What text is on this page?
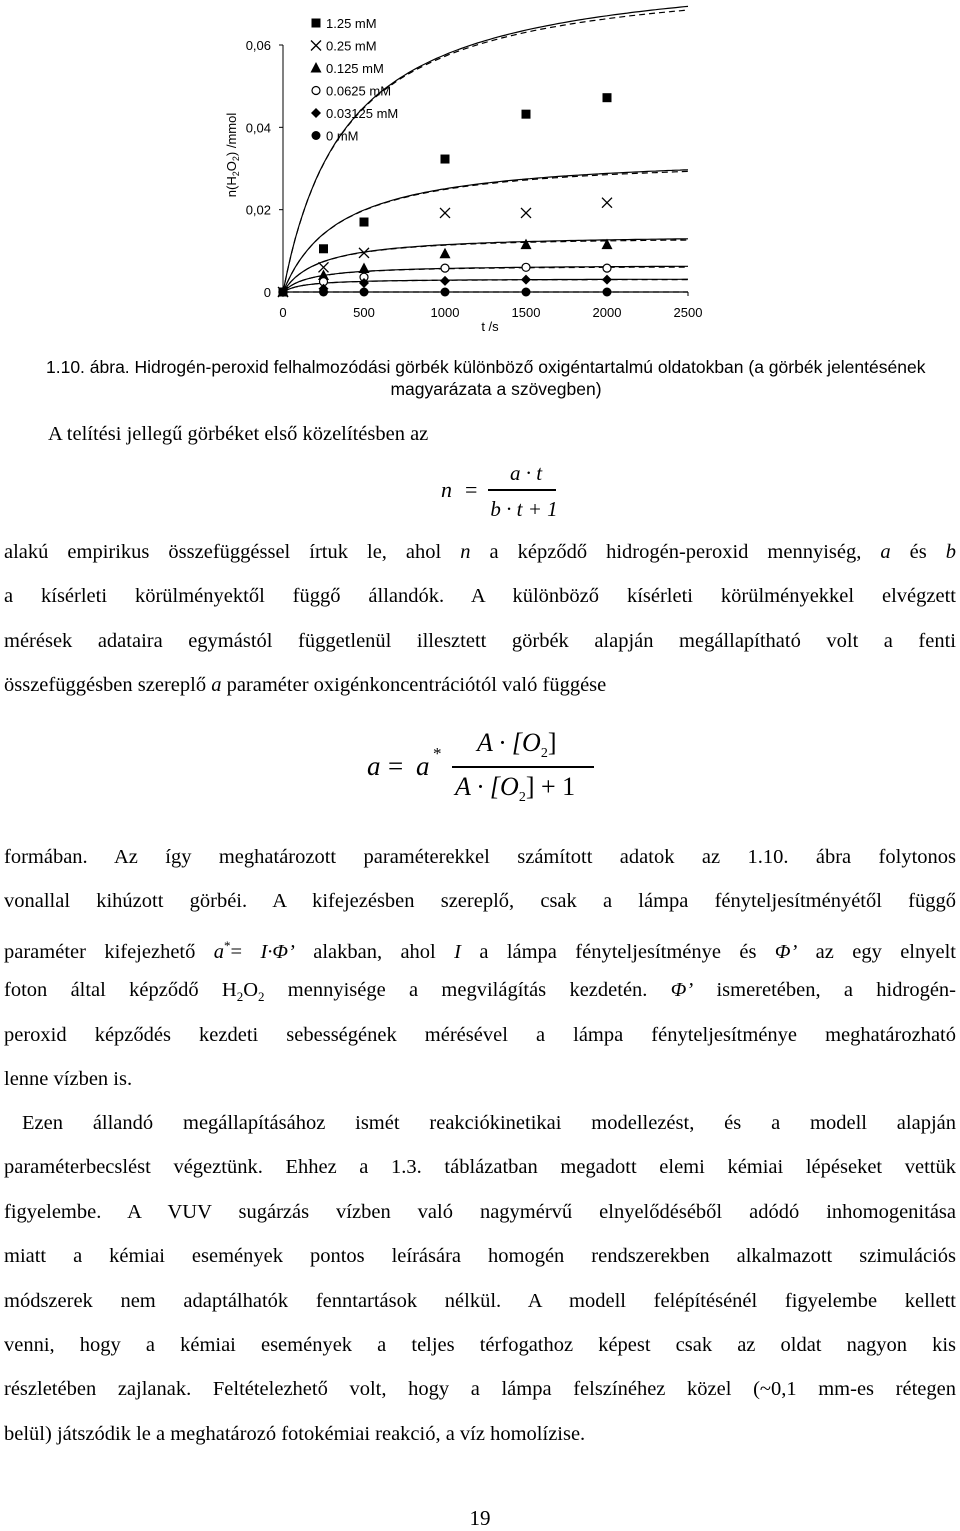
0
0,02
0,04
0,06
0	500	1000	1500	2000	2500
1.25 mM
0.25 mM
0.125 mM
0.0625 mM
0.03125 mM
0 mM
t /s
$n(H_2O_2)$ /mmol
1.10. ábra. Hidrogén-peroxid felhalmozódási görbék különböző oxigéntartalmú oldatokban (a görbék jelentésének
magyarázata a szövegben)

A telítési jellegű görbéket első közelítésben az

n =
a · t
b · t + 1

alakú empirikus összefüggéssel írtuk le, ahol n a képződő hidrogén-peroxid mennyiség, a és b

a kísérleti körülményektől függő állandók. A különböző kísérleti körülményekkel elvégzett

mérések adataira egymástól függetlenül illesztett görbék alapján megállapítható volt a fenti

összefüggésben szereplő a paraméter oxigénkoncentrációtól való függése

$a = a * A \cdot [O_2]$
$A \cdot [O_2] + 1$

formában. Az így meghatározott paraméterekkel számított adatok az 1.10. ábra folytonos

vonallal kihúzott görbéi. A kifejezésben szereplő, csak a lámpa fényteljesítményétől függő

paraméter kifejezhető a*= I·Φ’ alakban, ahol I a lámpa fényteljesítménye és Φ’ az egy elnyelt

foton által képződő $H_2O_2$ mennyisége a megvilágítás kezdetén. Φ’ ismeretében, a hidrogén-

peroxid képződés kezdeti sebességének mérésével a lámpa fényteljesítménye meghatározható

lenne vízben is.

Ezen állandó megállapításához ismét reakciókinetikai modellezést, és a modell alapján

paraméterbecslést végeztünk. Ehhez a 1.3. táblázatban megadott elemi kémiai lépéseket vettük

figyelembe. A VUV sugárzás vízben való nagymérvű elnyelődéséből adódó inhomogenitása

miatt a kémiai események pontos leírására homogén rendszerekben alkalmazott szimulációs

módszerek nem adaptálhatók fenntartások nélkül. A modell felépítésénél figyelembe kellett

venni, hogy a kémiai események a teljes térfogathoz képest csak az oldat nagyon kis

részletében zajlanak. Feltételezhető volt, hogy a lámpa felszínéhez közel (~0,1 mm-es rétegen

belül) játszódik le a meghatározó fotokémiai reakció, a víz homolízise.

19
